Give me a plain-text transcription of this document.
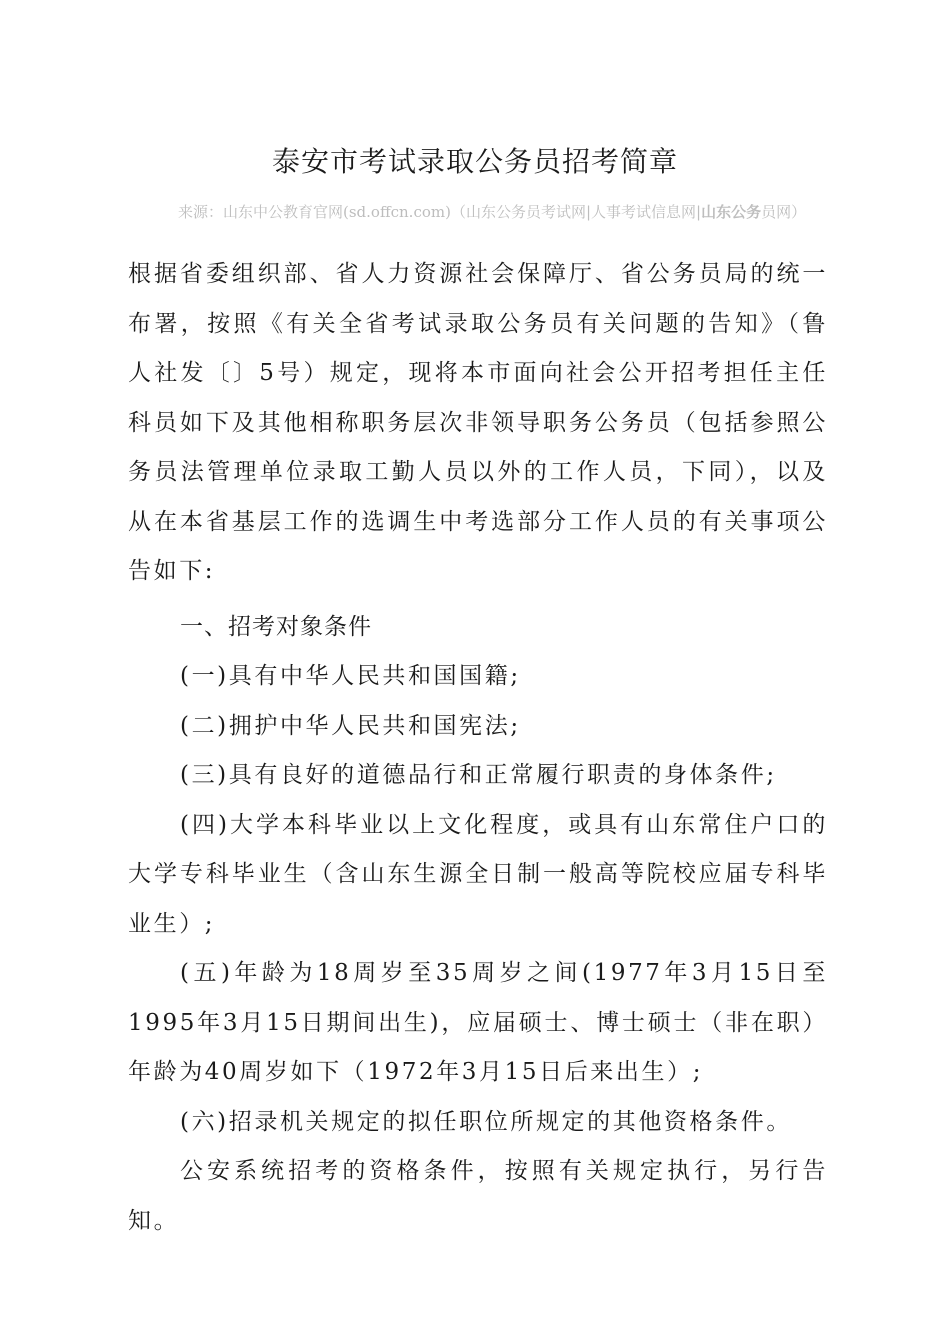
泰安市考试录取公务员招考简章
来源：山东中公教育官网(sd.offcn.com)（山东公务员考试网|人事考试信息网|山东公务员网）

根据省委组织部、省人力资源社会保障厅、省公务员局的统一布署，按照《有关全省考试录取公务员有关问题的告知》（鲁人社发〔〕5号）规定，现将本市面向社会公开招考担任主任科员如下及其他相称职务层次非领导职务公务员（包括参照公务员法管理单位录取工勤人员以外的工作人员，下同），以及从在本省基层工作的选调生中考选部分工作人员的有关事项公告如下:

一、招考对象条件

(一)具有中华人民共和国国籍;

(二)拥护中华人民共和国宪法;

(三)具有良好的道德品行和正常履行职责的身体条件;

(四)大学本科毕业以上文化程度，或具有山东常住户口的大学专科毕业生（含山东生源全日制一般高等院校应届专科毕业生）;

(五)年龄为18周岁至35周岁之间(1977年3月15日至1995年3月15日期间出生)，应届硕士、博士硕士（非在职）年龄为40周岁如下（1972年3月15日后来出生）;

(六)招录机关规定的拟任职位所规定的其他资格条件。

公安系统招考的资格条件，按照有关规定执行，另行告知。
